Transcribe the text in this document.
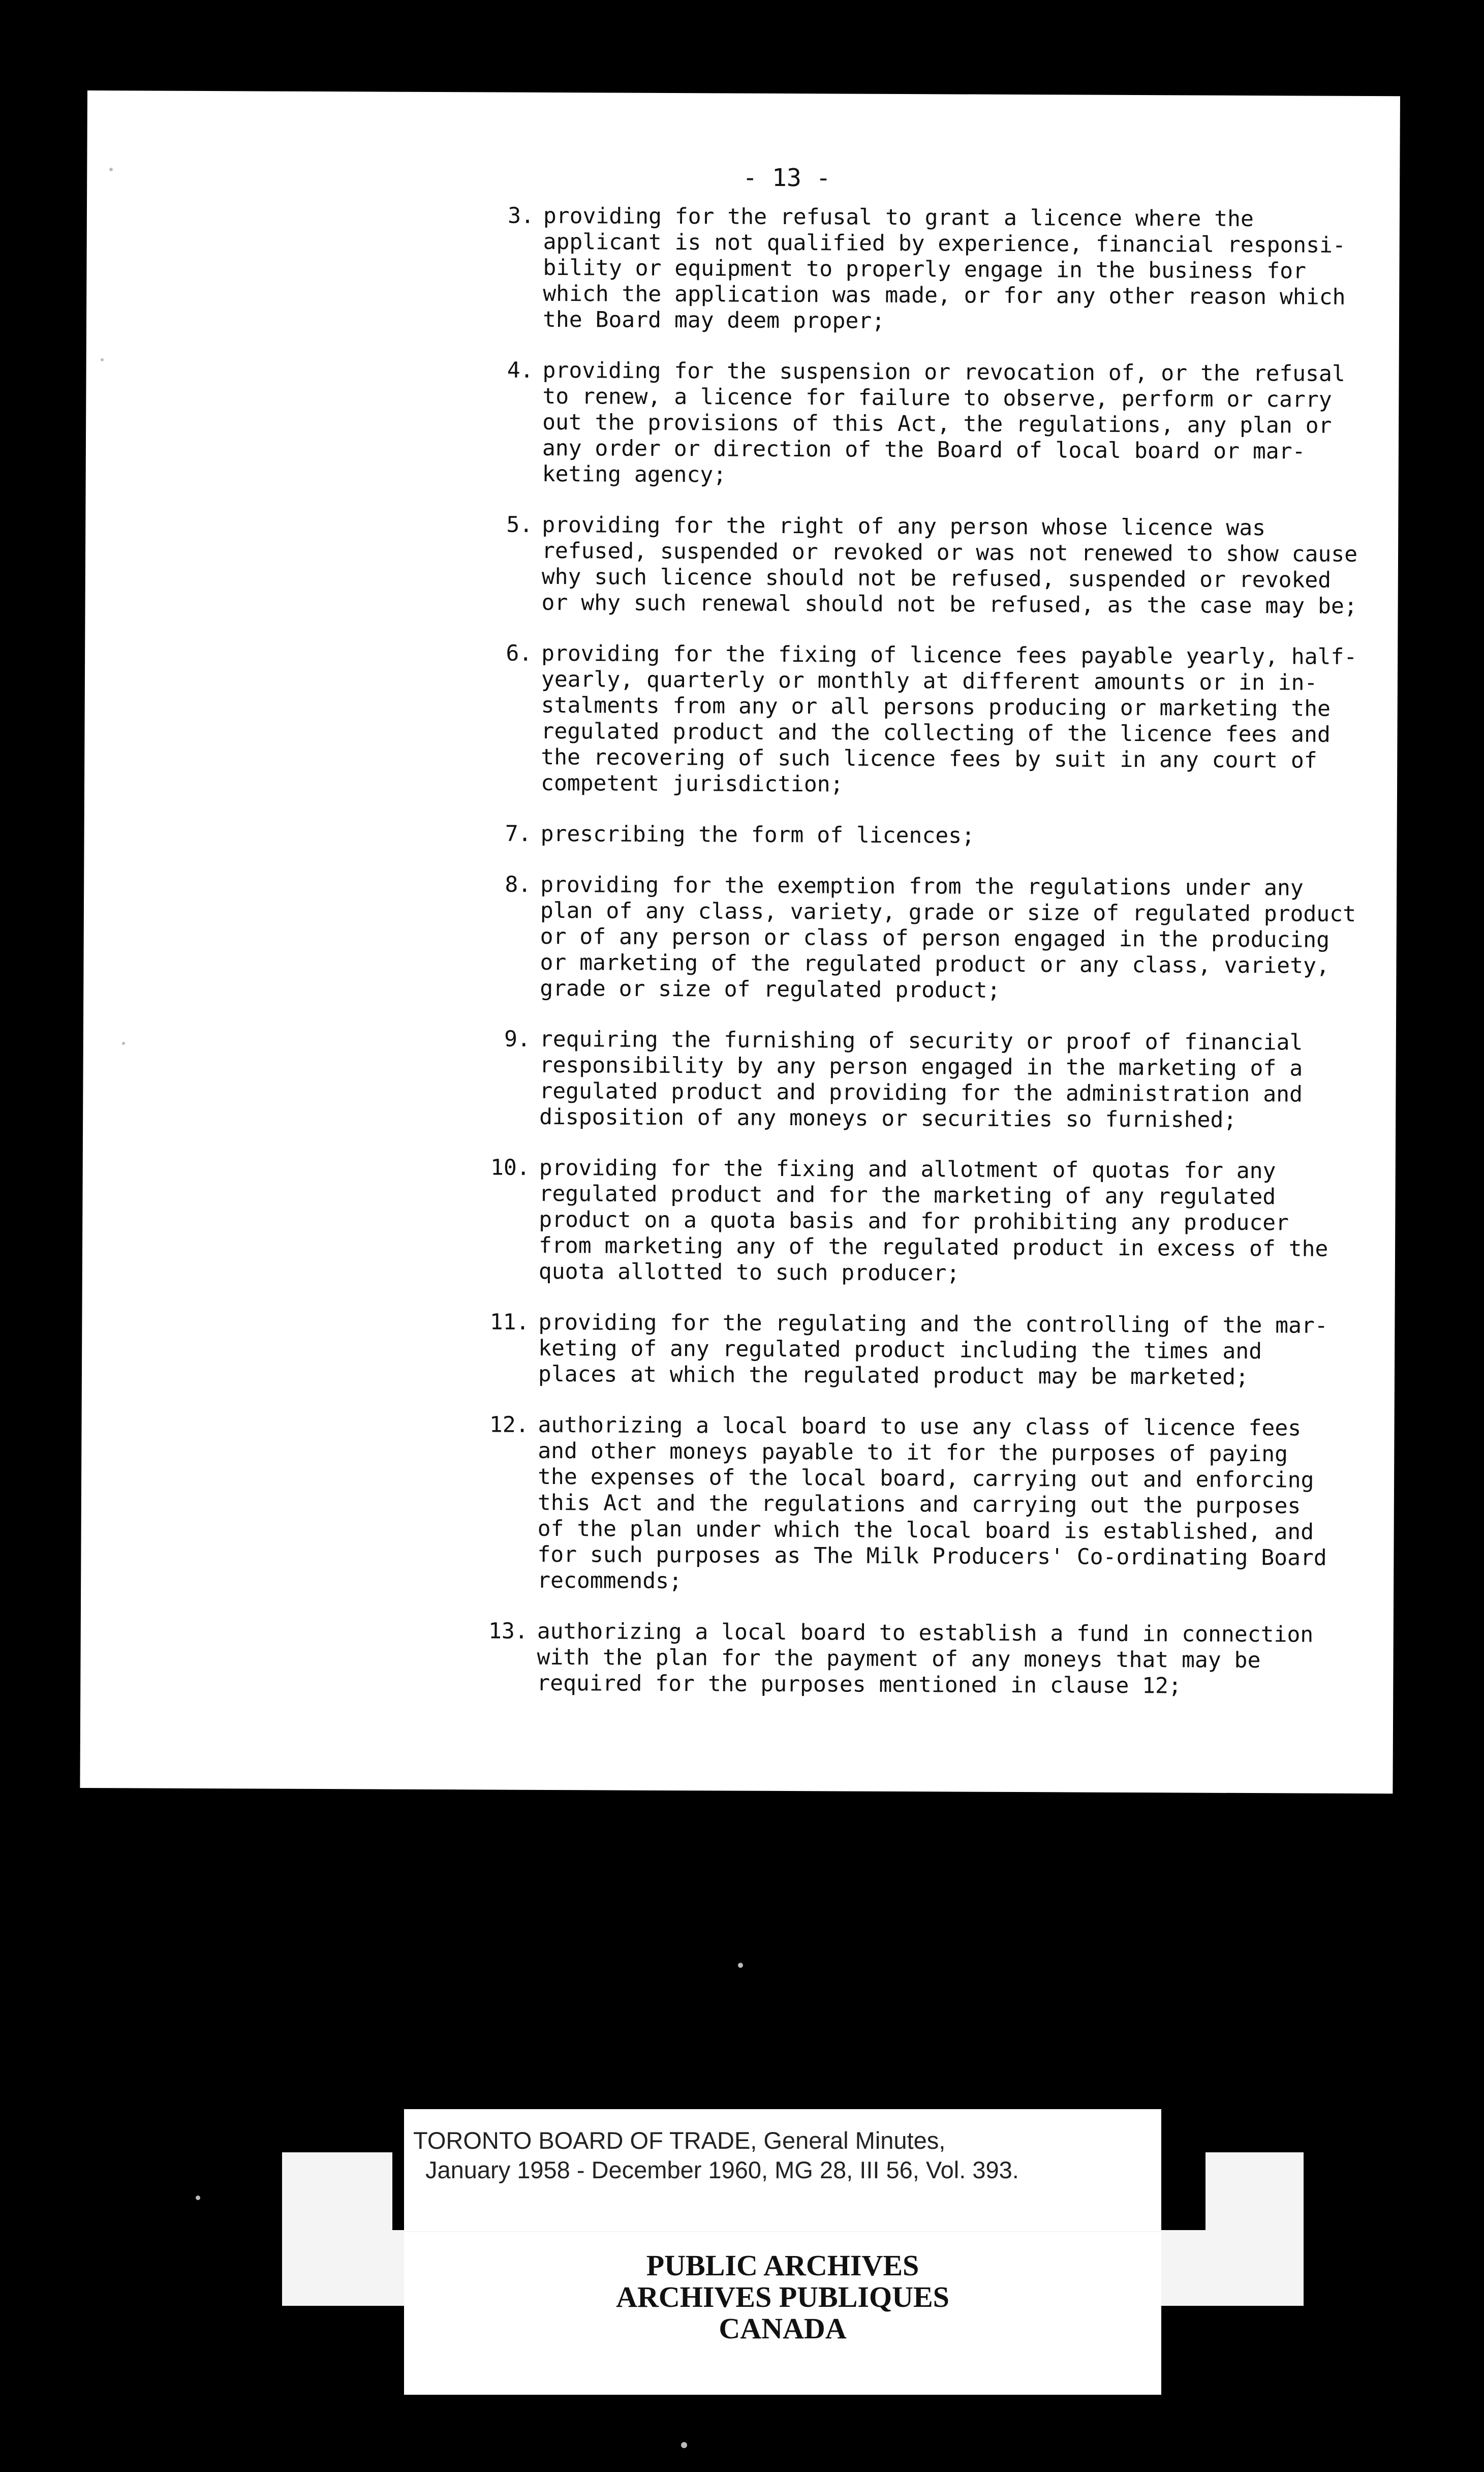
- 13 -
3. providing for the refusal to grant a licence where the
applicant is not qualified by experience, financial responsi-
bility or equipment to properly engage in the business for
which the application was made, or for any other reason which
the Board may deem proper;
4. providing for the suspension or revocation of, or the refusal
to renew, a licence for failure to observe, perform or carry
out the provisions of this Act, the regulations, any plan or
any order or direction of the Board of local board or mar-
keting agency;
5. providing for the right of any person whose licence was
refused, suspended or revoked or was not renewed to show cause
why such licence should not be refused, suspended or revoked
or why such renewal should not be refused, as the case may be;
6. providing for the fixing of licence fees payable yearly, half-
yearly, quarterly or monthly at different amounts or in in-
stalments from any or all persons producing or marketing the
regulated product and the collecting of the licence fees and
the recovering of such licence fees by suit in any court of
competent jurisdiction;
7. prescribing the form of licences;
8. providing for the exemption from the regulations under any
plan of any class, variety, grade or size of regulated product
or of any person or class of person engaged in the producing
or marketing of the regulated product or any class, variety,
grade or size of regulated product;
9. requiring the furnishing of security or proof of financial
responsibility by any person engaged in the marketing of a
regulated product and providing for the administration and
disposition of any moneys or securities so furnished;
10. providing for the fixing and allotment of quotas for any
regulated product and for the marketing of any regulated
product on a quota basis and for prohibiting any producer
from marketing any of the regulated product in excess of the
quota allotted to such producer;
11. providing for the regulating and the controlling of the mar-
keting of any regulated product including the times and
places at which the regulated product may be marketed;
12. authorizing a local board to use any class of licence fees
and other moneys payable to it for the purposes of paying
the expenses of the local board, carrying out and enforcing
this Act and the regulations and carrying out the purposes
of the plan under which the local board is established, and
for such purposes as The Milk Producers' Co-ordinating Board
recommends;
13. authorizing a local board to establish a fund in connection
with the plan for the payment of any moneys that may be
required for the purposes mentioned in clause 12;
TORONTO BOARD OF TRADE, General Minutes,
January 1958 - December 1960, MG 28, III 56, Vol. 393.
PUBLIC ARCHIVES
ARCHIVES PUBLIQUES
CANADA
